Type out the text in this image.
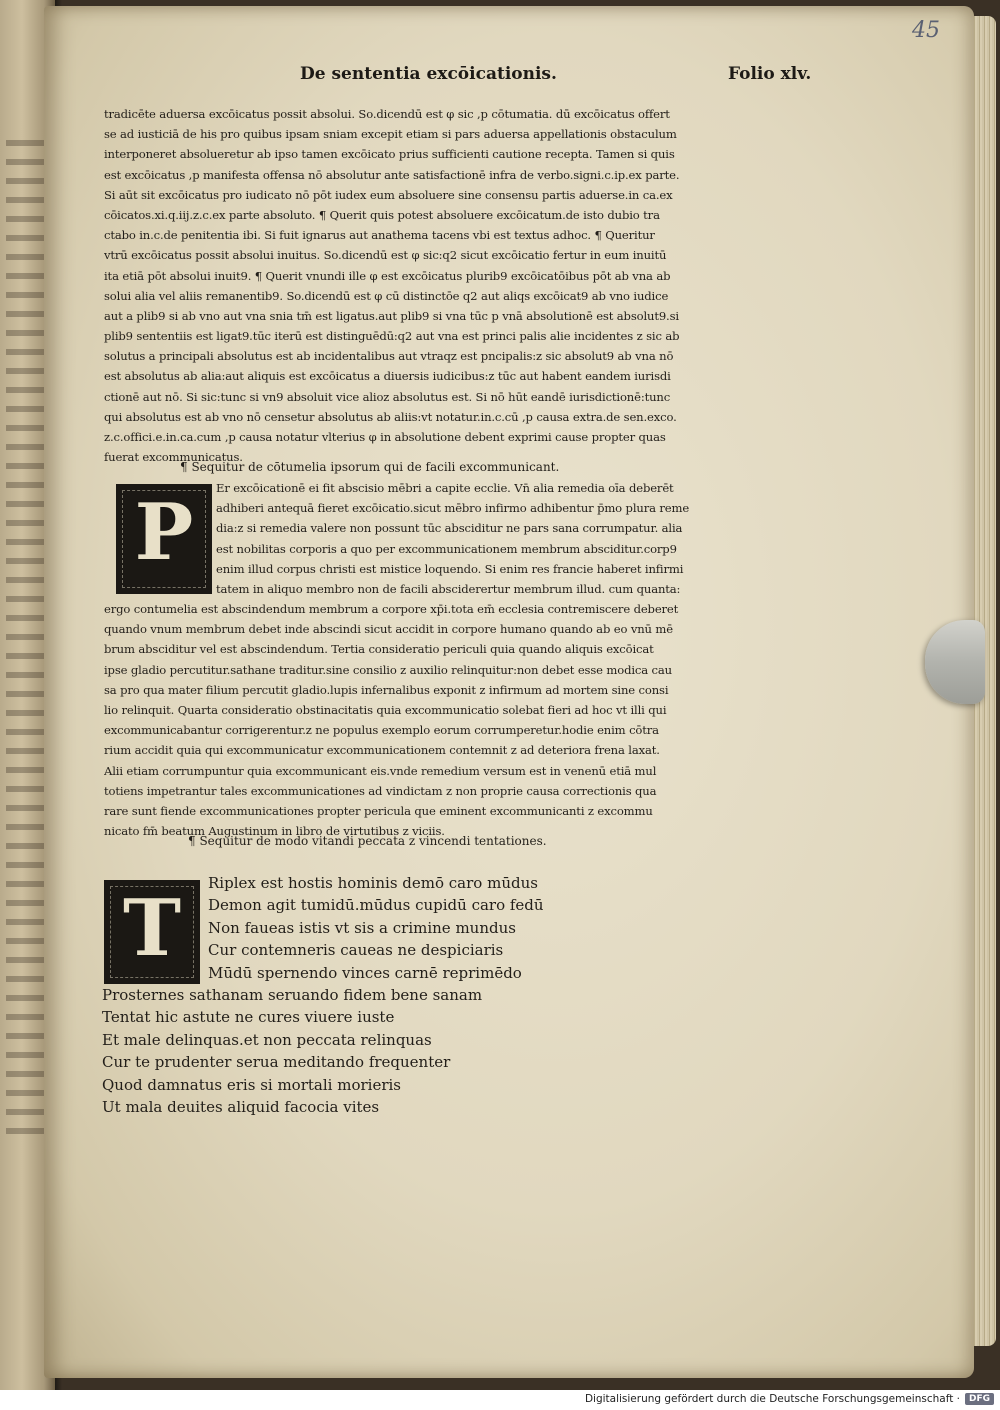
45
De sententia excōicationis.	Folio xlv.
tradicēte aduersa excōicatus possit absolui. So.dicendū est φ sic ,p cōtumatia. dū excōicatus offert
se ad iusticiā de his pro quibus ipsam sniam excepit etiam si pars aduersa appellationis obstaculum
interponeret absolueretur ab ipso tamen excōicato prius sufficienti cautione recepta. Tamen si quis
est excōicatus ,p manifesta offensa nō absolutur ante satisfactionē infra de verbo.signi.c.ip.ex parte.
Si aūt sit excōicatus pro iudicato nō pōt iudex eum absoluere sine consensu partis aduerse.in ca.ex
cōicatos.xi.q.iij.z.c.ex parte absoluto. ¶ Querit quis potest absoluere excōicatum.de isto dubio tra
ctabo in.c.de penitentia ibi. Si fuit ignarus aut anathema tacens vbi est textus adhoc. ¶ Queritur
vtrū excōicatus possit absolui inuitus. So.dicendū est φ sic:q2 sicut excōicatio fertur in eum inuitū
ita etiā pōt absolui inuit9. ¶ Querit vnundi ille φ est excōicatus plurib9 excōicatōibus pōt ab vna ab
solui alia vel aliis remanentib9. So.dicendū est φ cū distinctōe q2 aut aliqs excōicat9 ab vno iudice
aut a plib9 si ab vno aut vna snia tm̄ est ligatus.aut plib9 si vna tūc p vnā absolutionē est absolut9.si
plib9 sententiis est ligat9.tūc iterū est distinguēdū:q2 aut vna est princi palis alie incidentes z sic ab
solutus a principali absolutus est ab incidentalibus aut vtraqz est pncipalis:z sic absolut9 ab vna nō
est absolutus ab alia:aut aliquis est excōicatus a diuersis iudicibus:z tūc aut habent eandem iurisdi
ctionē aut nō. Si sic:tunc si vn9 absoluit vice alioz absolutus est. Si nō hūt eandē iurisdictionē:tunc
qui absolutus est ab vno nō censetur absolutus ab aliis:vt notatur.in.c.cū ,p causa extra.de sen.exco.
z.c.offici.e.in.ca.cum ,p causa notatur vlterius φ in absolutione debent exprimi cause propter quas
fuerat excommunicatus.
¶ Sequitur de cōtumelia ipsorum qui de facili excommunicant.
P	Er excōicationē ei fit abscisio mēbri a capite ecclie. Vn̄ alia remedia oīa deberēt
adhiberi antequā fieret excōicatio.sicut mēbro infirmo adhibentur p̄mo plura reme
dia:z si remedia valere non possunt tūc absciditur ne pars sana corrumpatur. alia
est nobilitas corporis a quo per excommunicationem membrum absciditur.corp9
enim illud corpus christi est mistice loquendo. Si enim res francie haberet infirmi
tatem in aliquo membro non de facili absciderertur membrum illud. cum quanta:
ergo contumelia est abscindendum membrum a corpore xp̄i.tota em̄ ecclesia contremiscere deberet
quando vnum membrum debet inde abscindi sicut accidit in corpore humano quando ab eo vnū mē
brum absciditur vel est abscindendum. Tertia consideratio periculi quia quando aliquis excōicat
ipse gladio percutitur.sathane traditur.sine consilio z auxilio relinquitur:non debet esse modica cau
sa pro qua mater filium percutit gladio.lupis infernalibus exponit z infirmum ad mortem sine consi
lio relinquit. Quarta consideratio obstinacitatis quia excommunicatio solebat fieri ad hoc vt illi qui
excommunicabantur corrigerentur.z ne populus exemplo eorum corrumperetur.hodie enim cōtra
rium accidit quia qui excommunicatur excommunicationem contemnit z ad deteriora frena laxat.
Alii etiam corrumpuntur quia excommunicant eis.vnde remedium versum est in venenū etiā mul
totiens impetrantur tales excommunicationes ad vindictam z non proprie causa correctionis qua
rare sunt fiende excommunicationes propter pericula que eminent excommunicanti z excommu
nicato fm̄ beatum Augustinum in libro de virtutibus z viciis.
¶ Sequitur de modo vitandi peccata z vincendi tentationes.
T	Riplex est hostis hominis demō caro mūdus
Demon agit tumidū.mūdus cupidū caro fedū
Non faueas istis vt sis a crimine mundus
Cur contemneris caueas ne despiciaris
Mūdū spernendo vinces carnē reprimēdo
Prosternes sathanam seruando fidem bene sanam
Tentat hic astute ne cures viuere iuste
Et male delinquas.et non peccata relinquas
Cur te prudenter serua meditando frequenter
Quod damnatus eris si mortali morieris
Ut mala deuites aliquid facocia vites
Digitalisierung gefördert durch die Deutsche Forschungsgemeinschaft · DFG
